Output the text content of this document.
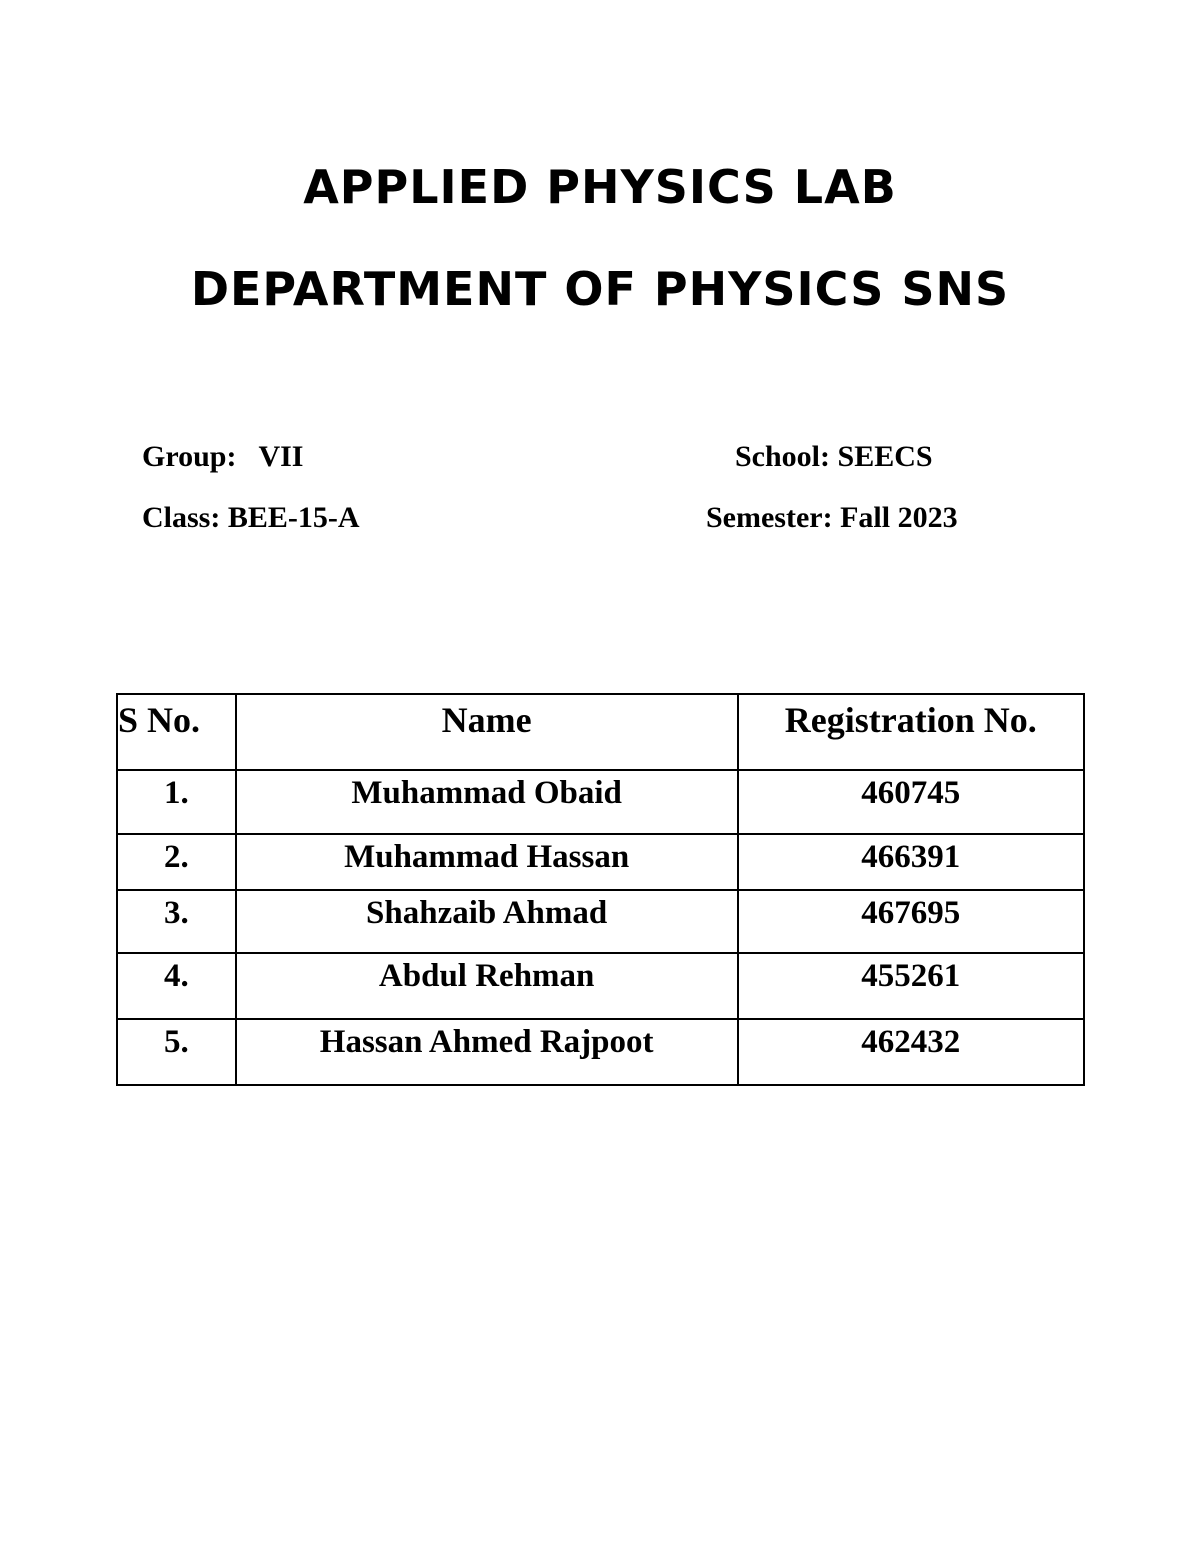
APPLIED PHYSICS LAB
DEPARTMENT OF PHYSICS SNS
Group: VII	School: SEECS
Class: BEE-15-A	Semester: Fall 2023
S No.	Name	Registration No.
1.	Muhammad Obaid	460745
2.	Muhammad Hassan	466391
3.	Shahzaib Ahmad	467695
4.	Abdul Rehman	455261
5.	Hassan Ahmed Rajpoot	462432
